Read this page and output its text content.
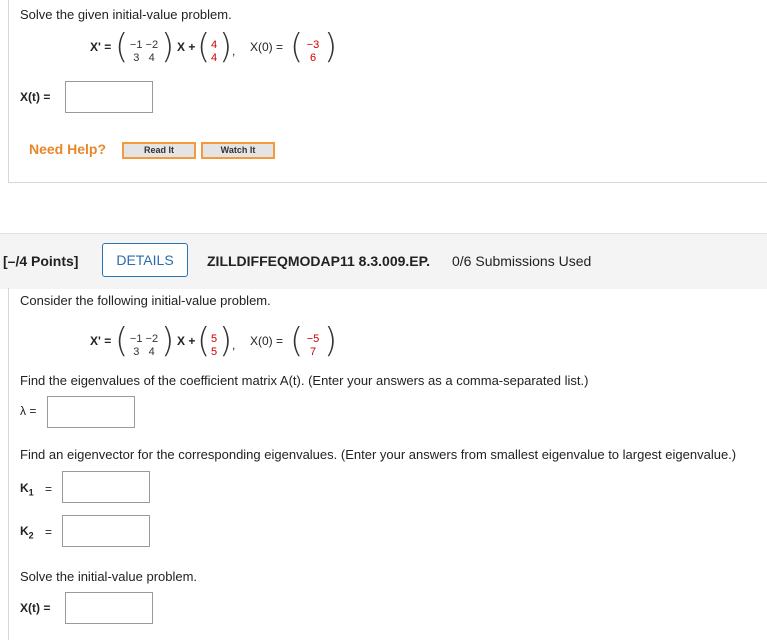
Solve the given initial-value problem.
X' = ( −1 −2
3 4 ) X + ( 4
4 ) , X(0) = ( −3
6 )
X(t) =
Need Help?	Read It	Watch It
[–/4 Points]	DETAILS	ZILLDIFFEQMODAP11 8.3.009.EP. 0/6 Submissions Used
Consider the following initial-value problem.
X' = ( −1 −2
3 4 ) X + ( 5
5 ) , X(0) = ( −5
7 )
Find the eigenvalues of the coefficient matrix A(t). (Enter your answers as a comma-separated list.)
λ =
Find an eigenvector for the corresponding eigenvalues. (Enter your answers from smallest eigenvalue to largest eigenvalue.)
$K_1$ =
$K_2$ =
Solve the initial-value problem.
X(t) =
